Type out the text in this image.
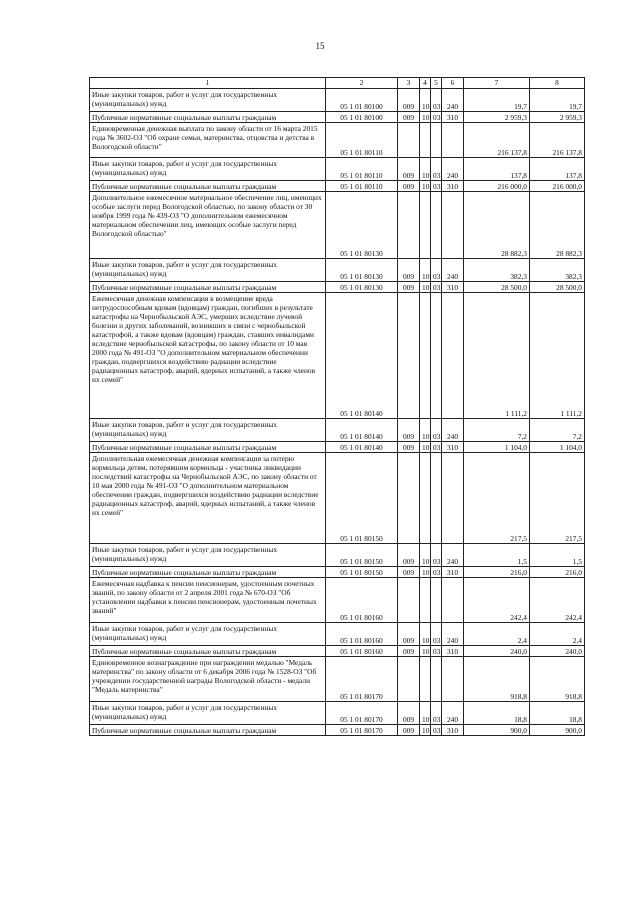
15
1	2	3	4	5	6	7	8
Иные закупки товаров, работ и услуг для государственных (муниципальных) нужд	05 1 01 80100	009	10	03	240	19,7	19,7
Публичные нормативные социальные выплаты гражданам	05 1 01 80100	009	10	03	310	2 959,3	2 959,3
Единовременная денежная выплата по закону области от 16 марта 2015 года № 3602-ОЗ "Об охране семьи, материнства, отцовства и детства в Вологодской области"	05 1 01 80110					216 137,8	216 137,8
Иные закупки товаров, работ и услуг для государственных (муниципальных) нужд	05 1 01 80110	009	10	03	240	137,8	137,8
Публичные нормативные социальные выплаты гражданам	05 1 01 80110	009	10	03	310	216 000,0	216 000,0
Дополнительное ежемесячное материальное обеспечение лиц, имеющих особые заслуги перед Вологодской областью, по закону области от 30 ноября 1999 года № 439-ОЗ "О дополнительном ежемесячном материальном обеспечении лиц, имеющих особые заслуги перед Вологодской областью"	05 1 01 80130					28 882,3	28 882,3
Иные закупки товаров, работ и услуг для государственных (муниципальных) нужд	05 1 01 80130	009	10	03	240	382,3	382,3
Публичные нормативные социальные выплаты гражданам	05 1 01 80130	009	10	03	310	28 500,0	28 500,0
Ежемесячная денежная компенсация в возмещение вреда нетрудоспособным вдовам (вдовцам) граждан, погибших в результате катастрофы на Чернобыльской АЭС, умерших вследствие лучевой болезни и других заболеваний, возникших в связи с чернобыльской катастрофой, а также вдовам (вдовцам) граждан, ставших инвалидами вследствие чернобыльской катастрофы, по закону области от 10 мая 2000 года № 491-ОЗ "О дополнительном материальном обеспечении граждан, подвергшихся воздействию радиации вследствие радиационных катастроф, аварий, ядерных испытаний, а также членов их семей"	05 1 01 80140					1 111,2	1 111,2
Иные закупки товаров, работ и услуг для государственных (муниципальных) нужд	05 1 01 80140	009	10	03	240	7,2	7,2
Публичные нормативные социальные выплаты гражданам	05 1 01 80140	009	10	03	310	1 104,0	1 104,0
Дополнительная ежемесячная денежная компенсация за потерю кормильца детям, потерявшим кормильца - участника ликвидации последствий катастрофы на Чернобыльской АЭС, по закону области от 10 мая 2000 года № 491-ОЗ "О дополнительном материальном обеспечении граждан, подвергшихся воздействию радиации вследствие радиационных катастроф, аварий, ядерных испытаний, а также членов их семей"	05 1 01 80150					217,5	217,5
Иные закупки товаров, работ и услуг для государственных (муниципальных) нужд	05 1 01 80150	009	10	03	240	1,5	1,5
Публичные нормативные социальные выплаты гражданам	05 1 01 80150	009	10	03	310	216,0	216,0
Ежемесячная надбавка к пенсии пенсионерам, удостоенным почетных званий, по закону области от 2 апреля 2001 года № 670-ОЗ "Об установлении надбавки к пенсии пенсионерам, удостоенным почетных званий"	05 1 01 80160					242,4	242,4
Иные закупки товаров, работ и услуг для государственных (муниципальных) нужд	05 1 01 80160	009	10	03	240	2,4	2,4
Публичные нормативные социальные выплаты гражданам	05 1 01 80160	009	10	03	310	240,0	240,0
Единовременное вознаграждение при награждении медалью "Медаль материнства" по закону области от 6 декабря 2006 года № 1528-ОЗ "Об учреждении государственной награды Вологодской области - медали "Медаль материнства"	05 1 01 80170					918,8	918,8
Иные закупки товаров, работ и услуг для государственных (муниципальных) нужд	05 1 01 80170	009	10	03	240	18,8	18,8
Публичные нормативные социальные выплаты гражданам	05 1 01 80170	009	10	03	310	900,0	900,0
